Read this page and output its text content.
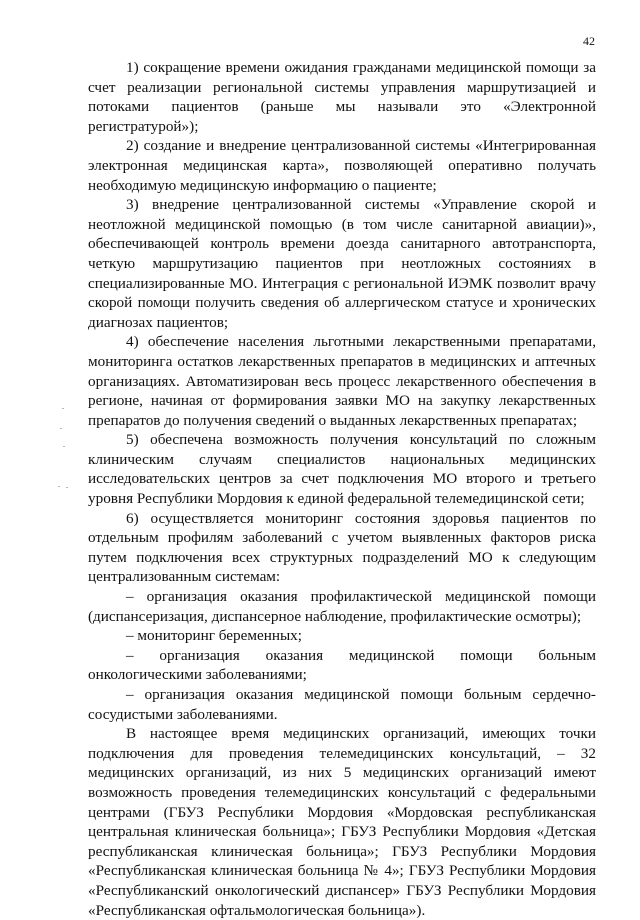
42

1) сокращение времени ожидания гражданами медицинской помощи за счет реализации региональной системы управления маршрутизацией и потоками пациентов (раньше мы называли это «Электронной регистратурой»);

2) создание и внедрение централизованной системы «Интегрированная электронная медицинская карта», позволяющей оперативно получать необходимую медицинскую информацию о пациенте;

3) внедрение централизованной системы «Управление скорой и неотложной медицинской помощью (в том числе санитарной авиации)», обеспечивающей контроль времени доезда санитарного автотранспорта, четкую маршрутизацию пациентов при неотложных состояниях в специализированные МО. Интеграция с региональной ИЭМК позволит врачу скорой помощи получить сведения об аллергическом статусе и хронических диагнозах пациентов;

4) обеспечение населения льготными лекарственными препаратами, мониторинга остатков лекарственных препаратов в медицинских и аптечных организациях. Автоматизирован весь процесс лекарственного обеспечения в регионе, начиная от формирования заявки МО на закупку лекарственных препаратов до получения сведений о выданных лекарственных препаратах;

5) обеспечена возможность получения консультаций по сложным клиническим случаям специалистов национальных медицинских исследовательских центров за счет подключения МО второго и третьего уровня Республики Мордовия к единой федеральной телемедицинской сети;

6) осуществляется мониторинг состояния здоровья пациентов по отдельным профилям заболеваний с учетом выявленных факторов риска путем подключения всех структурных подразделений МО к следующим централизованным системам:

– организация оказания профилактической медицинской помощи (диспансеризация, диспансерное наблюдение, профилактические осмотры);

– мониторинг беременных;

– организация оказания медицинской помощи больным онкологическими заболеваниями;

– организация оказания медицинской помощи больным сердечно-сосудистыми заболеваниями.

В настоящее время медицинских организаций, имеющих точки подключения для проведения телемедицинских консультаций, – 32 медицинских организаций, из них 5 медицинских организаций имеют возможность проведения телемедицинских консультаций с федеральными центрами (ГБУЗ Республики Мордовия «Мордовская республиканская центральная клиническая больница»; ГБУЗ Республики Мордовия «Детская республиканская клиническая больница»; ГБУЗ Республики Мордовия «Республиканская клиническая больница № 4»; ГБУЗ Республики Мордовия «Республиканский онкологический диспансер» ГБУЗ Республики Мордовия «Республиканская офтальмологическая больница»).
